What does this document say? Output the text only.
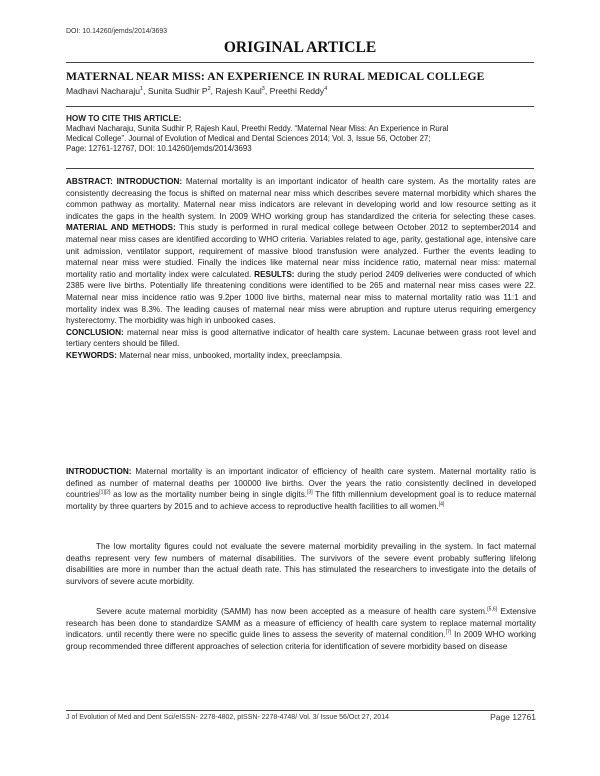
DOI: 10.14260/jemds/2014/3693
ORIGINAL ARTICLE
MATERNAL NEAR MISS: AN EXPERIENCE IN RURAL MEDICAL COLLEGE
Madhavi Nacharaju$^1$, Sunita Sudhir $P^2$, Rajesh Kaul$^3$, Preethi Reddy$^4$
HOW TO CITE THIS ARTICLE:
Madhavi Nacharaju, Sunita Sudhir P, Rajesh Kaul, Preethi Reddy. “Maternal Near Miss: An Experience in Rural
Medical College”. Journal of Evolution of Medical and Dental Sciences 2014; Vol. 3, Issue 56, October 27;
Page: 12761-12767, DOI: 10.14260/jemds/2014/3693
ABSTRACT: INTRODUCTION: Maternal mortality is an important indicator of health care system. As the mortality rates are consistently decreasing the focus is shifted on maternal near miss which describes severe maternal morbidity which shares the common pathway as mortality. Maternal near miss indicators are relevant in developing world and low resource setting as it indicates the gaps in the health system. In 2009 WHO working group has standardized the criteria for selecting these cases. MATERIAL AND METHODS: This study is performed in rural medical college between October 2012 to september2014 and maternal near miss cases are identified according to WHO criteria. Variables related to age, parity, gestational age, intensive care unit admission, ventilator support, requirement of massive blood transfusion were analyzed. Further the events leading to maternal near miss were studied. Finally the indices like maternal near miss incidence ratio, maternal near miss: maternal mortality ratio and mortality index were calculated. RESULTS: during the study period 2409 deliveries were conducted of which 2385 were live births. Potentially life threatening conditions were identified to be 265 and maternal near miss cases were 22. Maternal near miss incidence ratio was 9.2per 1000 live births, maternal near miss to maternal mortality ratio was 11:1 and mortality index was 8.3%. The leading causes of maternal near miss were abruption and rupture uterus requiring emergency hysterectomy. The morbidity was high in unbooked cases.
CONCLUSION: maternal near miss is good alternative indicator of health care system. Lacunae between grass root level and tertiary centers should be filled.
KEYWORDS: Maternal near miss, unbooked, mortality index, preeclampsia.
INTRODUCTION: Maternal mortality is an important indicator of efficiency of health care system. Maternal mortality ratio is defined as number of maternal deaths per 100000 live births. Over the years the ratio consistently declined in developed countries[1][2] as low as the mortality number being in single digits.[3] The fifth millennium development goal is to reduce maternal mortality by three quarters by 2015 and to achieve access to reproductive health facilities to all women.[4]
The low mortality figures could not evaluate the severe maternal morbidity prevailing in the system. In fact maternal deaths represent very few numbers of maternal disabilities. The survivors of the severe event probably suffering lifelong disabilities are more in number than the actual death rate. This has stimulated the researchers to investigate into the details of survivors of severe acute morbidity.
Severe acute maternal morbidity (SAMM) has now been accepted as a measure of health care system.[5,6] Extensive research has been done to standardize SAMM as a measure of efficiency of health care system to replace maternal mortality indicators. until recently there were no specific guide lines to assess the severity of maternal condition.[7] In 2009 WHO working group recommended three different approaches of selection criteria for identification of severe morbidity based on disease
J of Evolution of Med and Dent Sci/eISSN- 2278-4802, pISSN- 2278-4748/ Vol. 3/ Issue 56/Oct 27, 2014	Page 12761
